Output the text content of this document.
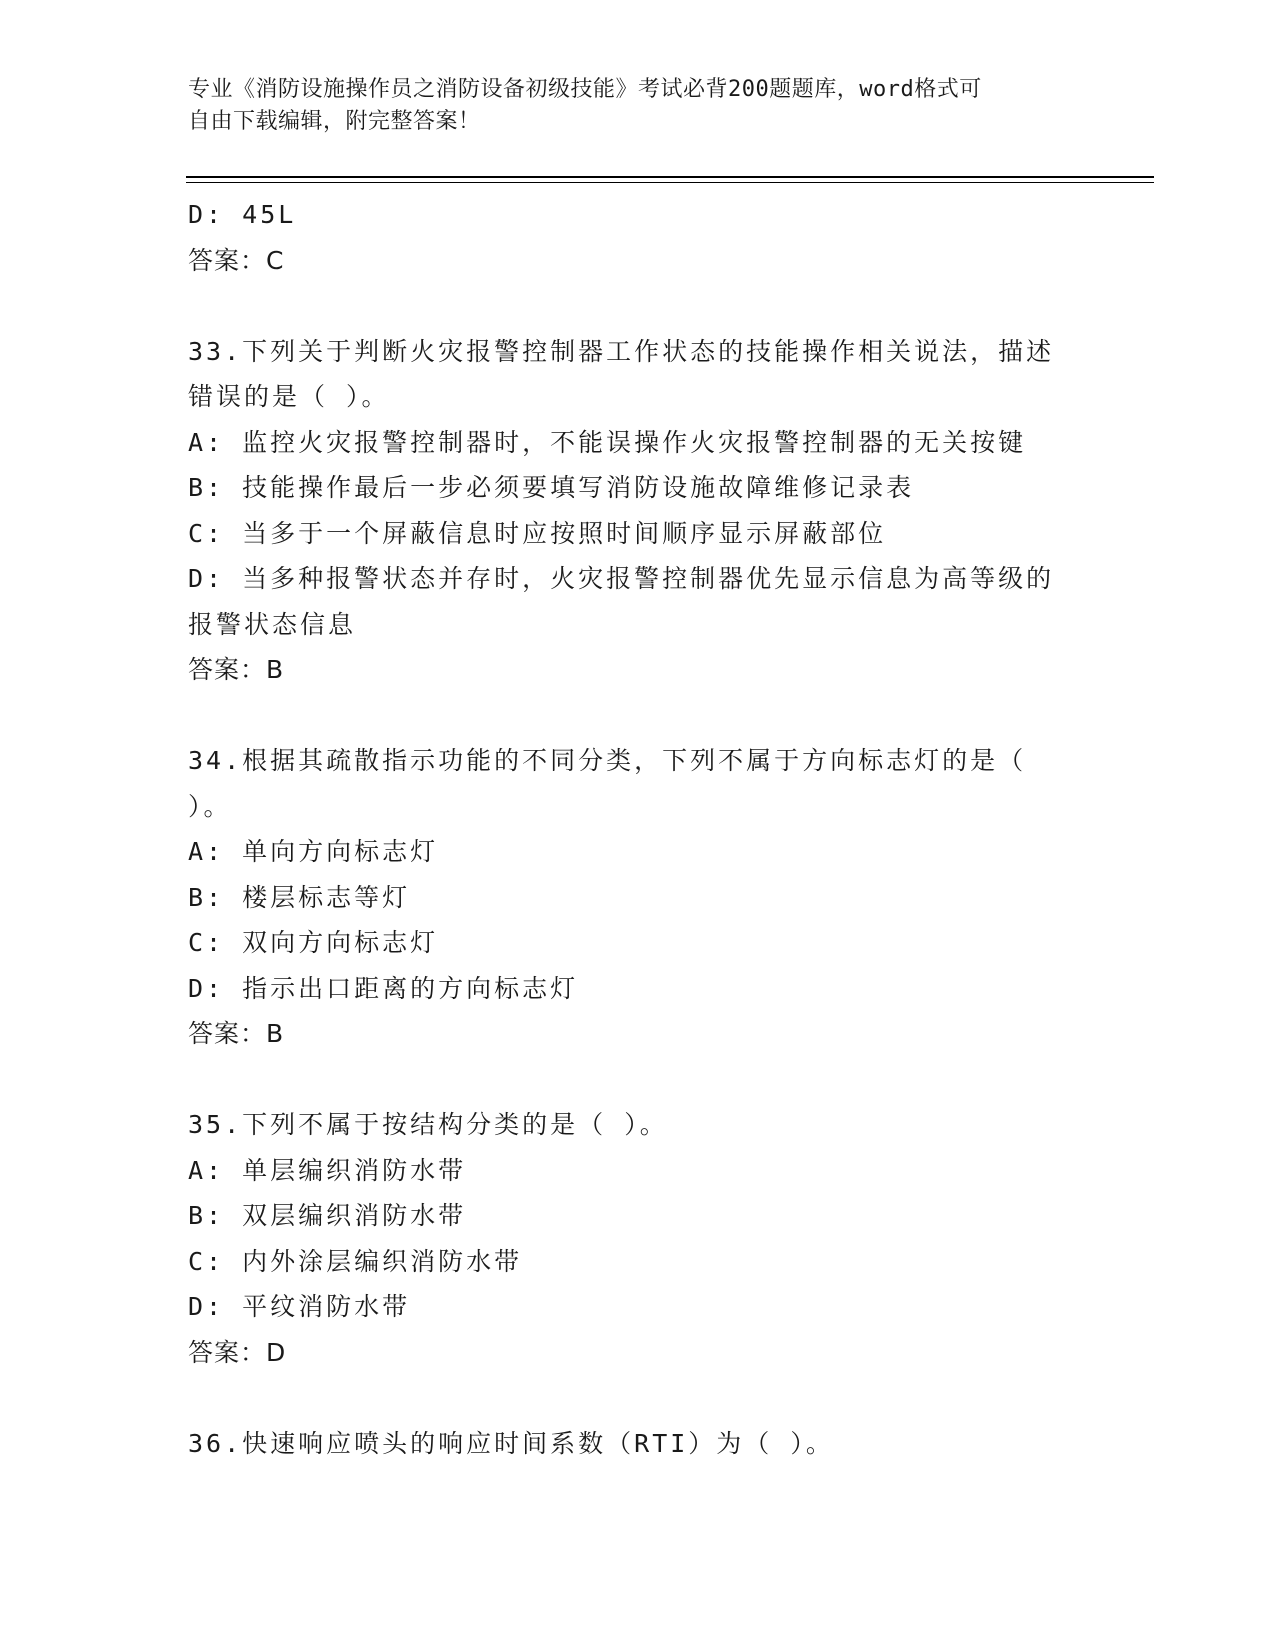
专业《消防设施操作员之消防设备初级技能》考试必背200题题库，word格式可
自由下载编辑，附完整答案！
D: 45L
答案：C
33.下列关于判断火灾报警控制器工作状态的技能操作相关说法，描述
错误的是（ ）。
A: 监控火灾报警控制器时，不能误操作火灾报警控制器的无关按键
B: 技能操作最后一步必须要填写消防设施故障维修记录表
C: 当多于一个屏蔽信息时应按照时间顺序显示屏蔽部位
D: 当多种报警状态并存时，火灾报警控制器优先显示信息为高等级的
报警状态信息
答案：B
34.根据其疏散指示功能的不同分类，下列不属于方向标志灯的是（
）。
A: 单向方向标志灯
B: 楼层标志等灯
C: 双向方向标志灯
D: 指示出口距离的方向标志灯
答案：B
35.下列不属于按结构分类的是（ ）。
A: 单层编织消防水带
B: 双层编织消防水带
C: 内外涂层编织消防水带
D: 平纹消防水带
答案：D
36.快速响应喷头的响应时间系数（RTI）为（ ）。
